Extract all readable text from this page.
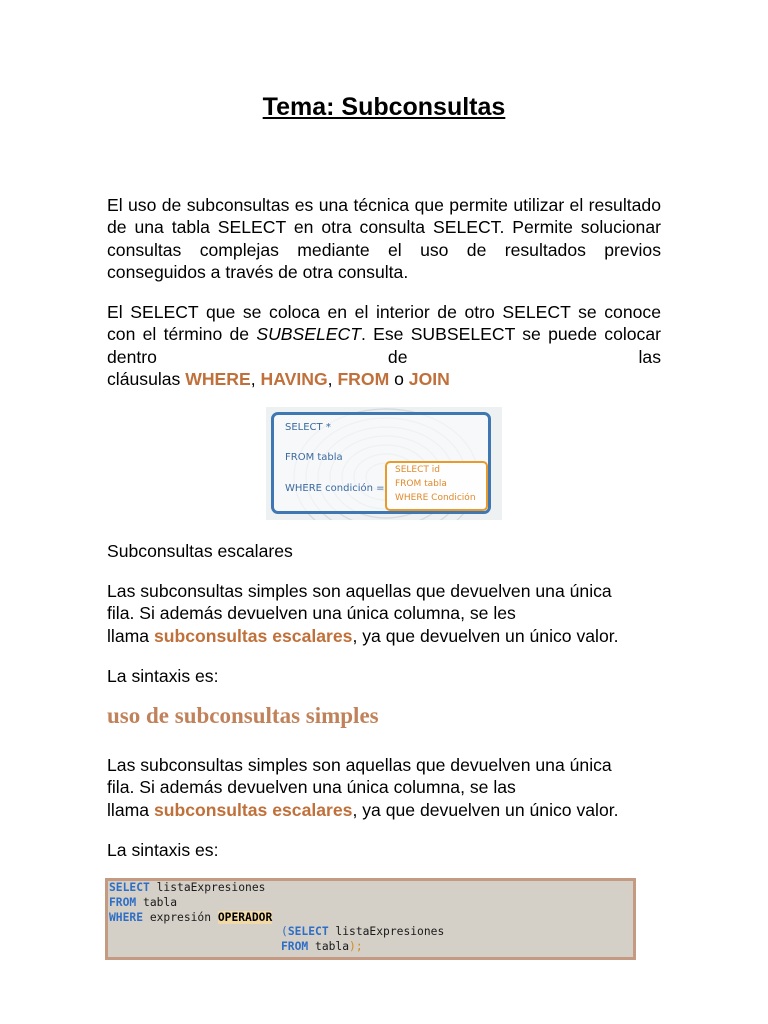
Tema: Subconsultas

El uso de subconsultas es una técnica que permite utilizar el resultado de una tabla SELECT en otra consulta SELECT. Permite solucionar consultas complejas mediante el uso de resultados previos conseguidos a través de otra consulta.

El SELECT que se coloca en el interior de otro SELECT se conoce con el término de SUBSELECT. Ese SUBSELECT se puede colocar dentro de las
cláusulas WHERE, HAVING, FROM o JOIN
SELECT *
FROM tabla
WHERE condición =
SELECT id
FROM tabla
WHERE Condición

Subconsultas escalares

Las subconsultas simples son aquellas que devuelven una única
fila. Si además devuelven una única columna, se les
llama subconsultas escalares, ya que devuelven un único valor.

La sintaxis es:

uso de subconsultas simples
Las subconsultas simples son aquellas que devuelven una única
fila. Si además devuelven una única columna, se las
llama subconsultas escalares, ya que devuelven un único valor.

La sintaxis es:

SELECT listaExpresiones
FROM tabla
WHERE expresión OPERADOR
(SELECT listaExpresiones
FROM tabla);
